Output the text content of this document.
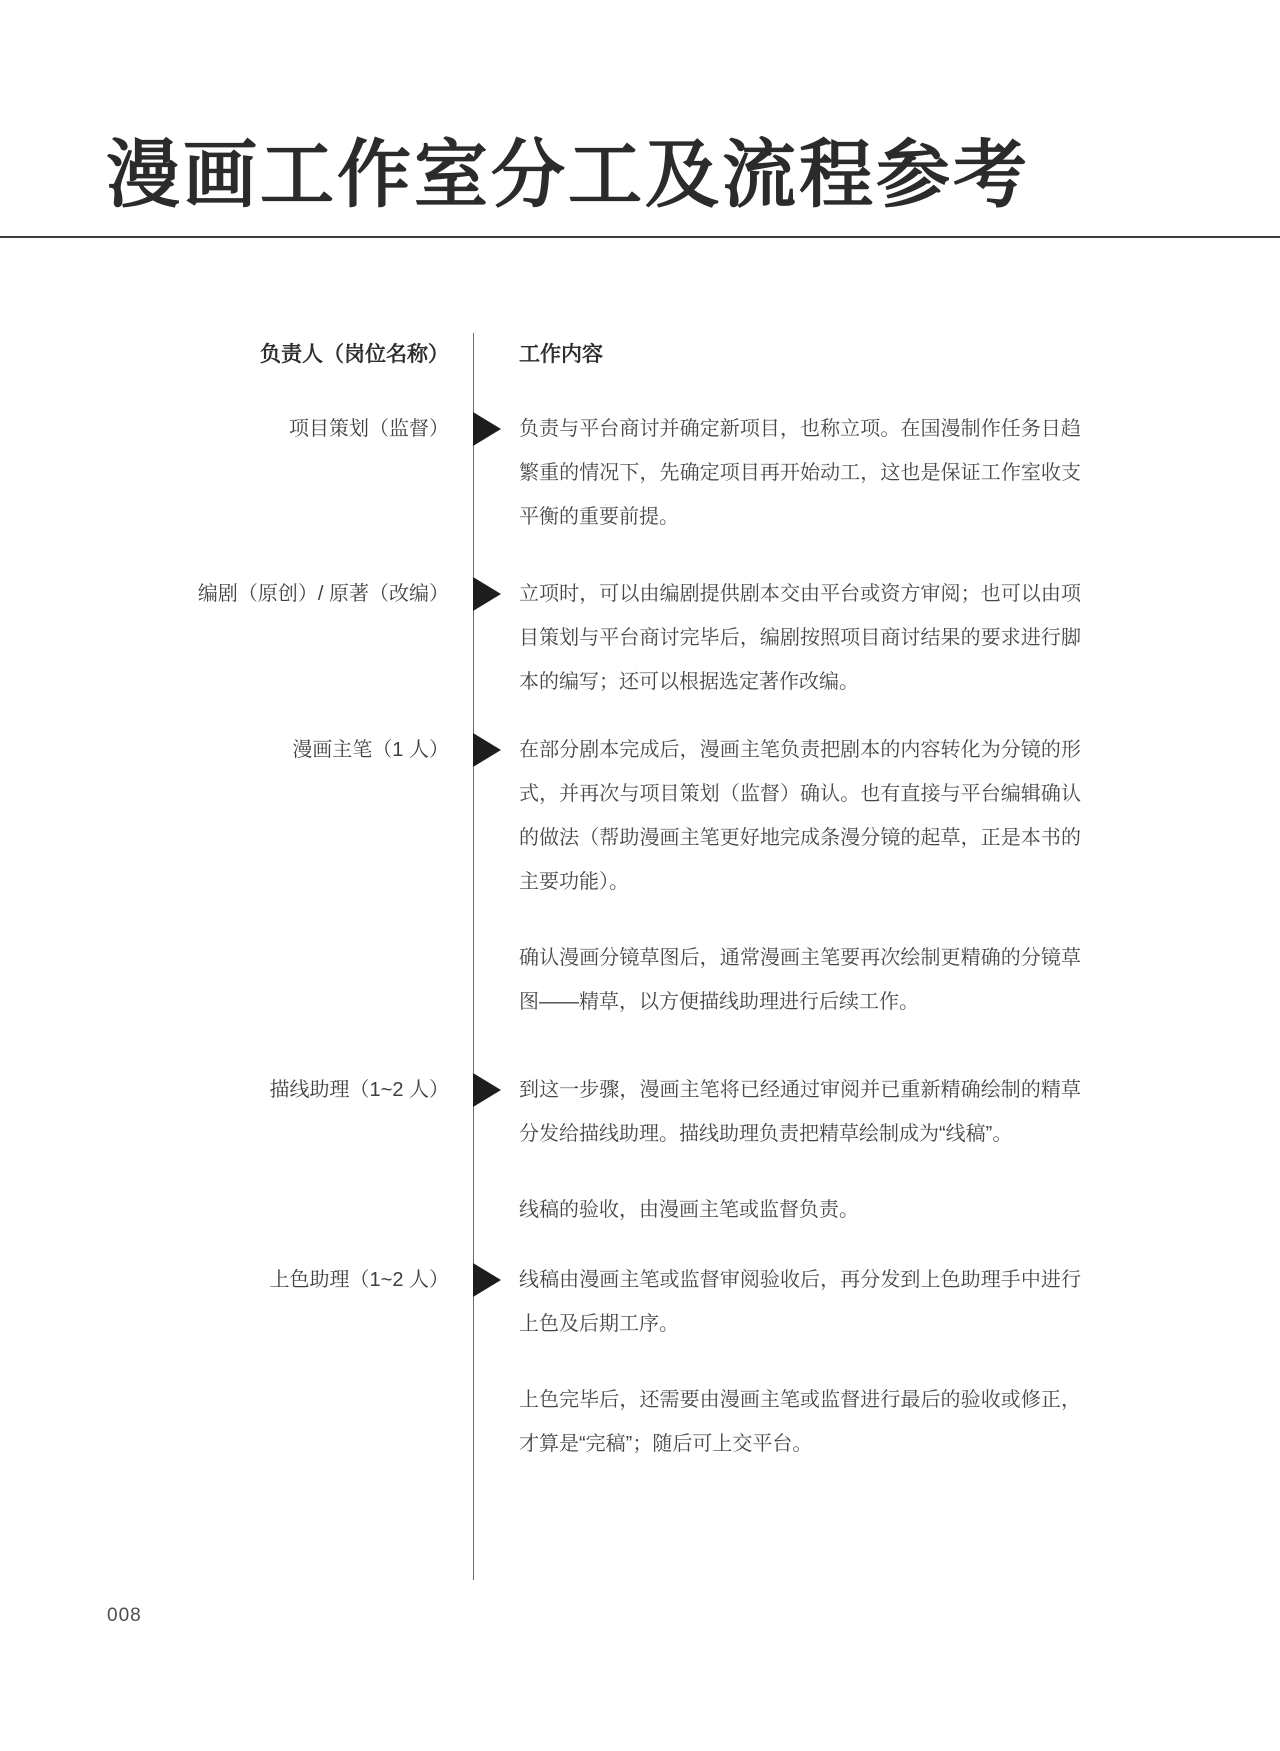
漫画工作室分工及流程参考
负责人（岗位名称）	工作内容
项目策划（监督）	负责与平台商讨并确定新项目，也称立项。在国漫制作任务日趋繁重的情况下，先确定项目再开始动工，这也是保证工作室收支平衡的重要前提。

编剧（原创）/ 原著（改编）	立项时，可以由编剧提供剧本交由平台或资方审阅；也可以由项目策划与平台商讨完毕后，编剧按照项目商讨结果的要求进行脚本的编写；还可以根据选定著作改编。

漫画主笔（1 人）	在部分剧本完成后，漫画主笔负责把剧本的内容转化为分镜的形式，并再次与项目策划（监督）确认。也有直接与平台编辑确认的做法（帮助漫画主笔更好地完成条漫分镜的起草，正是本书的主要功能）。

确认漫画分镜草图后，通常漫画主笔要再次绘制更精确的分镜草图——精草，以方便描线助理进行后续工作。

描线助理（1~2 人）	到这一步骤，漫画主笔将已经通过审阅并已重新精确绘制的精草分发给描线助理。描线助理负责把精草绘制成为“线稿”。

线稿的验收，由漫画主笔或监督负责。

上色助理（1~2 人）	线稿由漫画主笔或监督审阅验收后，再分发到上色助理手中进行上色及后期工序。

上色完毕后，还需要由漫画主笔或监督进行最后的验收或修正，才算是“完稿”；随后可上交平台。

008
